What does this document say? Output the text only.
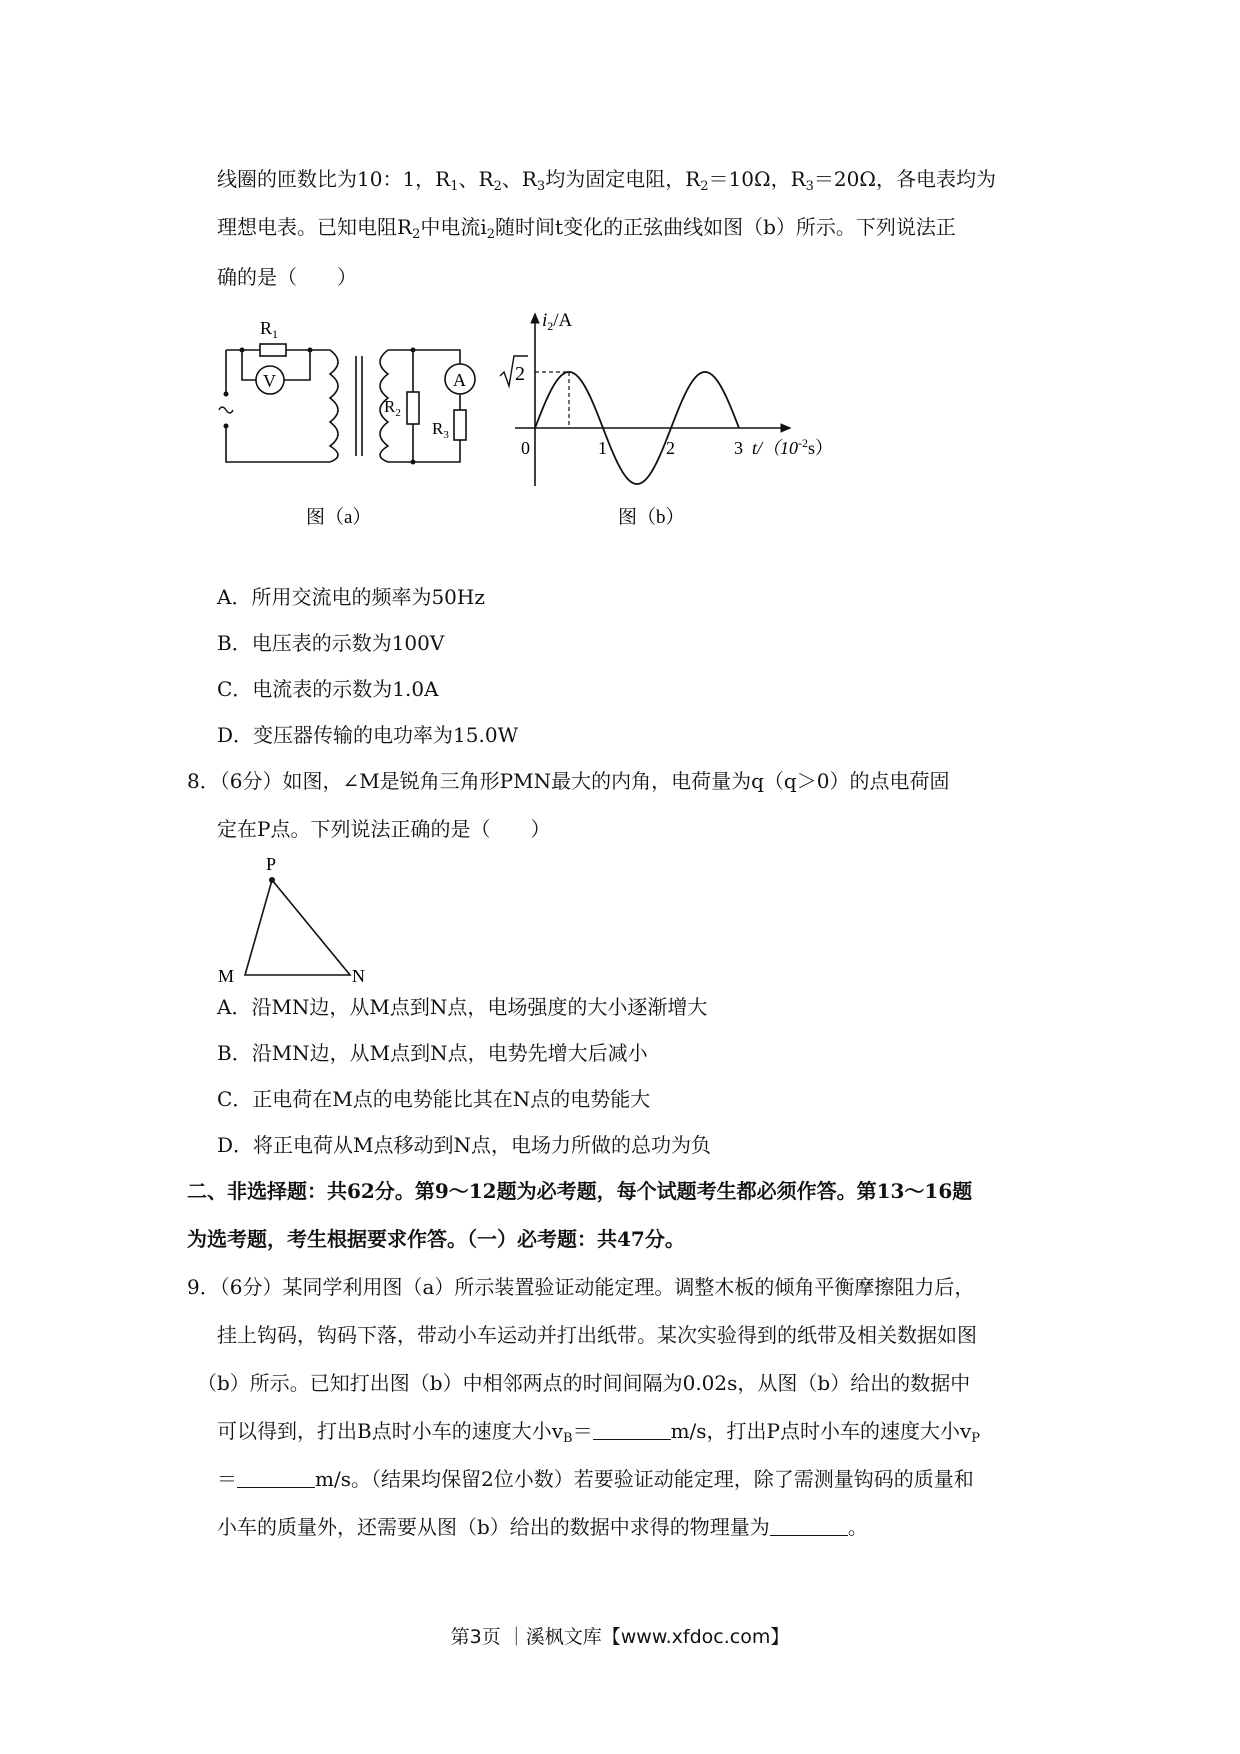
线圈的匝数比为10：1，$R_1$、$R_2$、$R_3$均为固定电阻，$R_2=10\Omega$，$R_3=20\Omega$，各电表均为
理想电表。已知电阻$R_2$中电流$i_2$随时间t变化的正弦曲线如图（b）所示。下列说法正
确的是（　　）
$R_1$
V	A
$R_2$
$R_3$
图（a）
0	1	2	3
$i_2/A$
2
$t/(10^{-2}s)$
图（b）
A．所用交流电的频率为50Hz
B．电压表的示数为100V
C．电流表的示数为1.0A
D．变压器传输的电功率为15.0W
8．（6分）如图，∠M是锐角三角形PMN最大的内角，电荷量为q（q＞0）的点电荷固
定在P点。下列说法正确的是（　　）
P
M	N
A．沿MN边，从M点到N点，电场强度的大小逐渐增大
B．沿MN边，从M点到N点，电势先增大后减小
C．正电荷在M点的电势能比其在N点的电势能大
D．将正电荷从M点移动到N点，电场力所做的总功为负
二、非选择题：共62分。第9～12题为必考题，每个试题考生都必须作答。第13～16题
为选考题，考生根据要求作答。（一）必考题：共47分。
9．（6分）某同学利用图（a）所示装置验证动能定理。调整木板的倾角平衡摩擦阻力后，
挂上钩码，钩码下落，带动小车运动并打出纸带。某次实验得到的纸带及相关数据如图
（b）所示。已知打出图（b）中相邻两点的时间间隔为0.02s，从图（b）给出的数据中
可以得到，打出B点时小车的速度大小$v_B=$	m/s，打出P点时小车的速度大小$v_P$
＝	m/s。（结果均保留2位小数）若要验证动能定理，除了需测量钩码的质量和
小车的质量外，还需要从图（b）给出的数据中求得的物理量为	。
第3页 ｜溪枫文库【www.xfdoc.com】
